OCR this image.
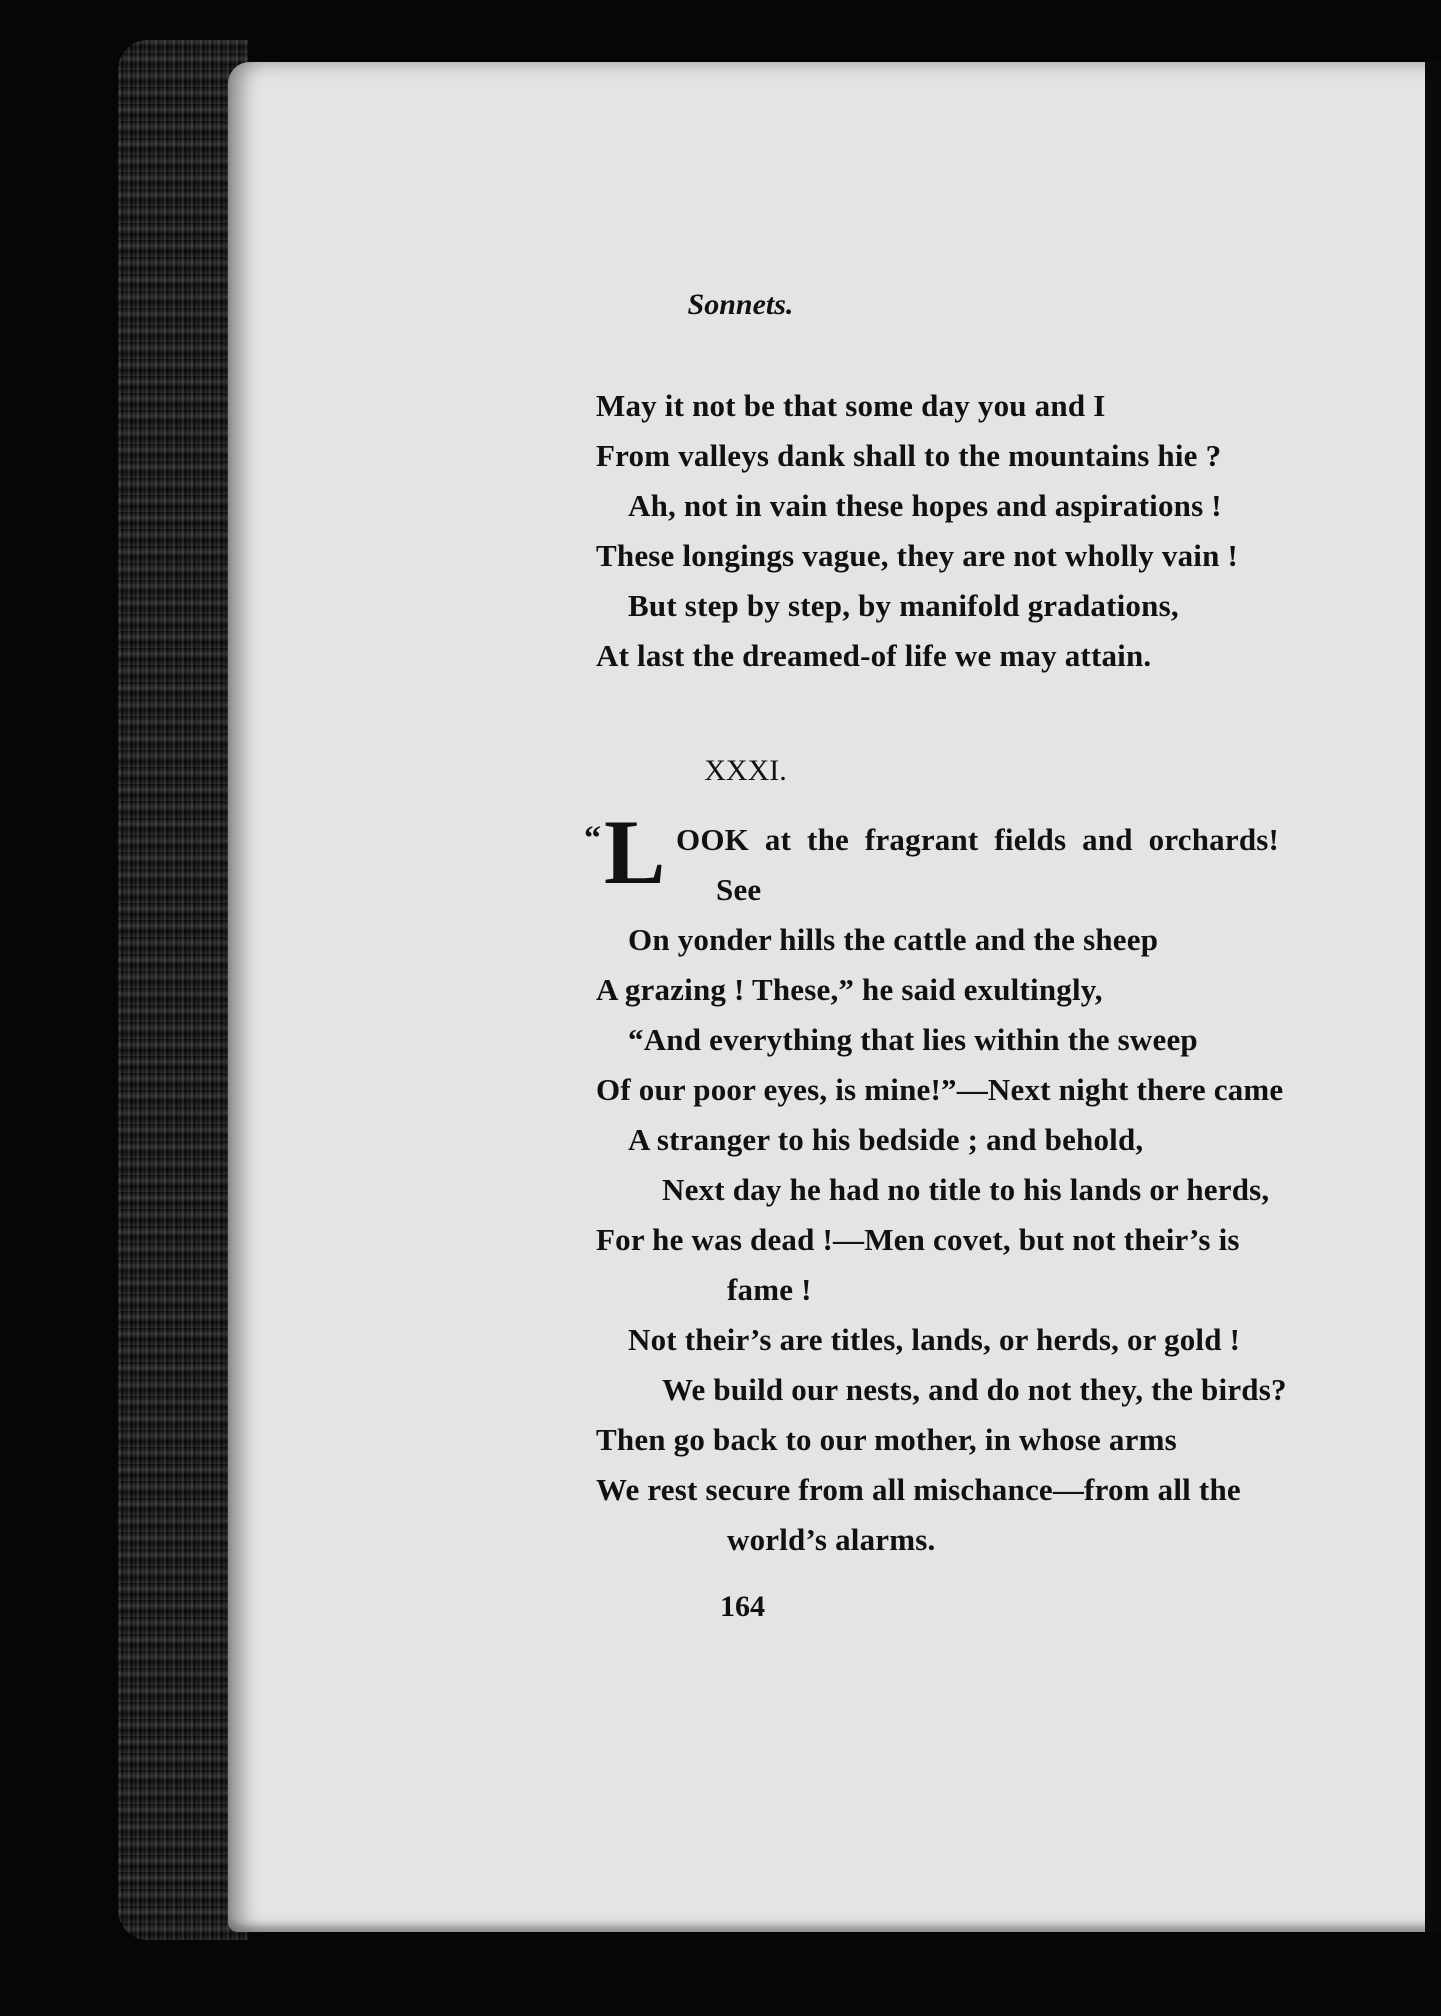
Sonnets.
May it not be that some day you and I
From valleys dank shall to the mountains hie ?
Ah, not in vain these hopes and aspirations !
These longings vague, they are not wholly vain !
But step by step, by manifold gradations,
At last the dreamed-of life we may attain.
XXXI.
“ L OOK at the fragrant fields and orchards!
See
On yonder hills the cattle and the sheep
A grazing ! These,” he said exultingly,
“And everything that lies within the sweep
Of our poor eyes, is mine!”—Next night there came
A stranger to his bedside ; and behold,
Next day he had no title to his lands or herds,
For he was dead !—Men covet, but not their’s is
fame !
Not their’s are titles, lands, or herds, or gold !
We build our nests, and do not they, the birds?
Then go back to our mother, in whose arms
We rest secure from all mischance—from all the
world’s alarms.
164
